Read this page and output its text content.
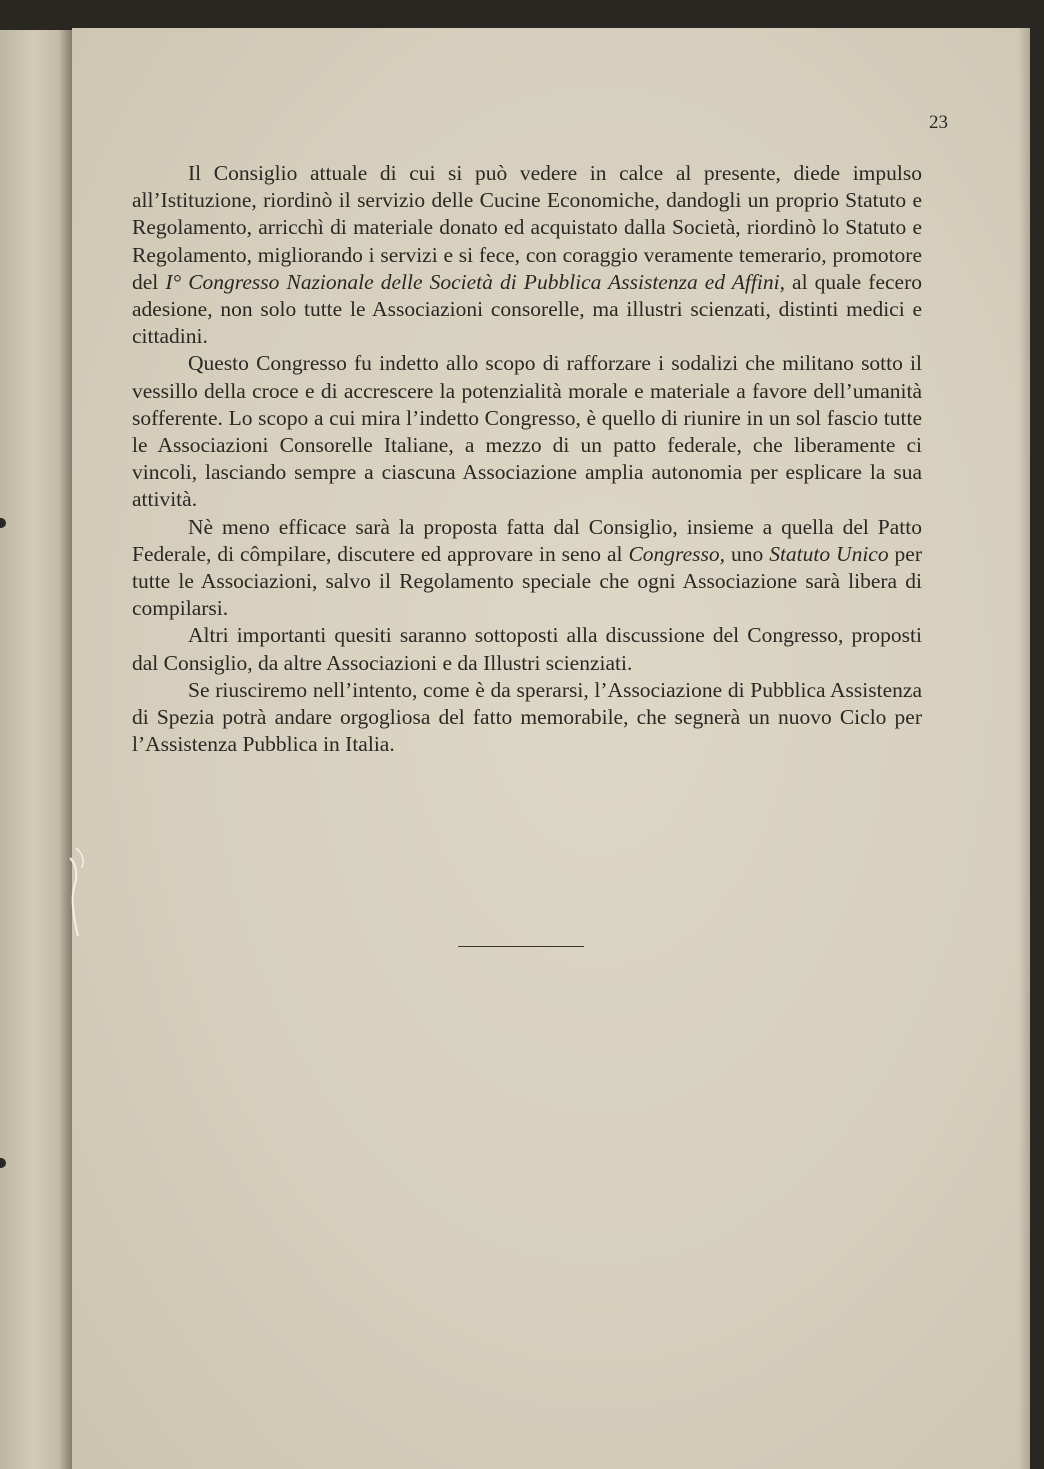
23

Il Consiglio attuale di cui si può vedere in calce al presente, diede impulso all’Istituzione, riordinò il servizio delle Cucine Economiche, dandogli un proprio Statuto e Regolamento, arricchì di materiale donato ed acquistato dalla Società, riordinò lo Statuto e Regolamento, migliorando i servizi e si fece, con coraggio veramente temerario, promotore del I° Congresso Nazionale delle Società di Pubblica Assistenza ed Affini, al quale fecero adesione, non solo tutte le Associazioni consorelle, ma illustri scienzati, distinti medici e cittadini.

Questo Congresso fu indetto allo scopo di rafforzare i sodalizi che militano sotto il vessillo della croce e di accrescere la potenzialità morale e materiale a favore dell’umanità sofferente. Lo scopo a cui mira l’indetto Congresso, è quello di riunire in un sol fascio tutte le Associazioni Consorelle Italiane, a mezzo di un patto federale, che liberamente ci vincoli, lasciando sempre a ciascuna Associazione amplia autonomia per esplicare la sua attività.

Nè meno efficace sarà la proposta fatta dal Consiglio, insieme a quella del Patto Federale, di cômpilare, discutere ed approvare in seno al Congresso, uno Statuto Unico per tutte le Associazioni, salvo il Regolamento speciale che ogni Associazione sarà libera di compilarsi.

Altri importanti quesiti saranno sottoposti alla discussione del Congresso, proposti dal Consiglio, da altre Associazioni e da Illustri scienziati.

Se riusciremo nell’intento, come è da sperarsi, l’Associazione di Pubblica Assistenza di Spezia potrà andare orgogliosa del fatto memorabile, che segnerà un nuovo Ciclo per l’Assistenza Pubblica in Italia.
